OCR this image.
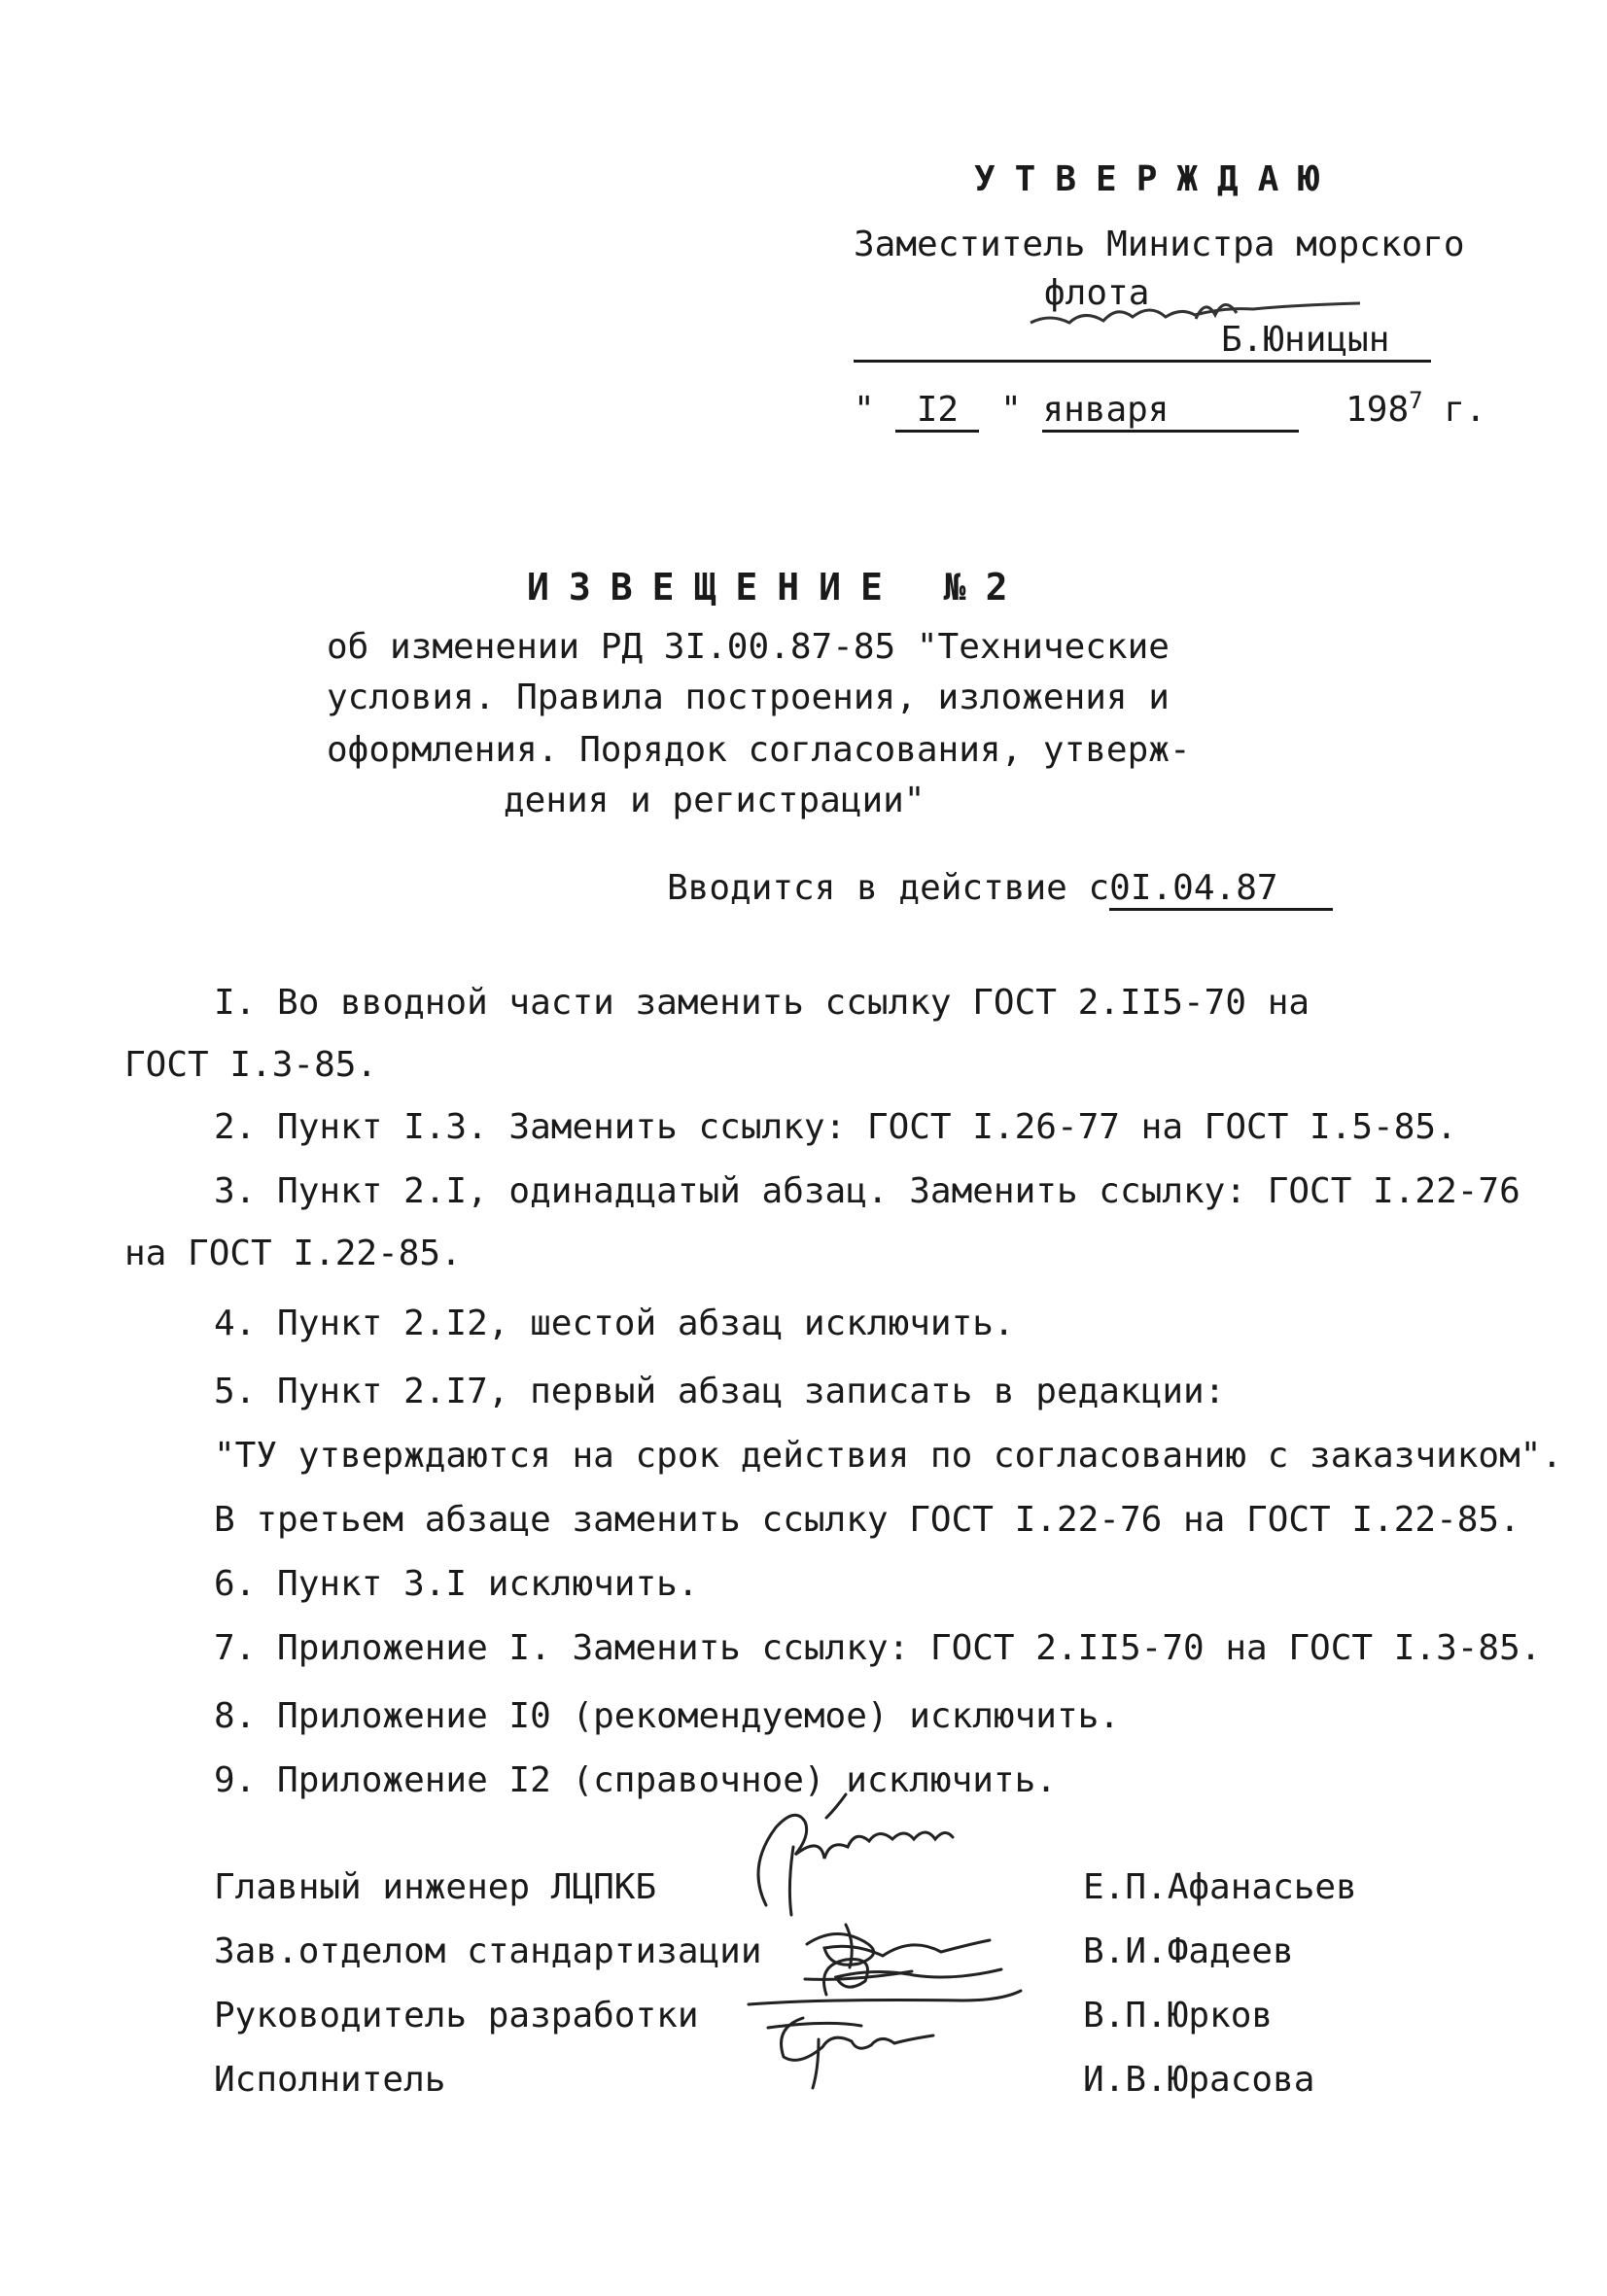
УТВЕРЖДАЮ
Заместитель Министра морского
флота
Б.Юницын
" I2 " января	$198^7$ г.
ИЗВЕЩЕНИЕ №2
об изменении РД 3I.00.87-85 "Технические
условия. Правила построения, изложения и
оформления. Порядок согласования, утверж-
дения и регистрации"
Вводится в действие с0I.04.87
I. Во вводной части заменить ссылку ГОСТ 2.II5-70 на
ГОСТ I.3-85.
2. Пункт I.3. Заменить ссылку: ГОСТ I.26-77 на ГОСТ I.5-85.
3. Пункт 2.I, одинадцатый абзац. Заменить ссылку: ГОСТ I.22-76
на ГОСТ I.22-85.
4. Пункт 2.I2, шестой абзац исключить.
5. Пункт 2.I7, первый абзац записать в редакции:
"ТУ утверждаются на срок действия по согласованию с заказчиком".
В третьем абзаце заменить ссылку ГОСТ I.22-76 на ГОСТ I.22-85.
6. Пункт 3.I исключить.
7. Приложение I. Заменить ссылку: ГОСТ 2.II5-70 на ГОСТ I.3-85.
8. Приложение I0 (рекомендуемое) исключить.
9. Приложение I2 (справочное) исключить.
Главный инженер ЛЦПКБ	Е.П.Афанасьев
Зав.отделом стандартизации	В.И.Фадеев
Руководитель разработки	В.П.Юрков
Исполнитель	И.В.Юрасова
